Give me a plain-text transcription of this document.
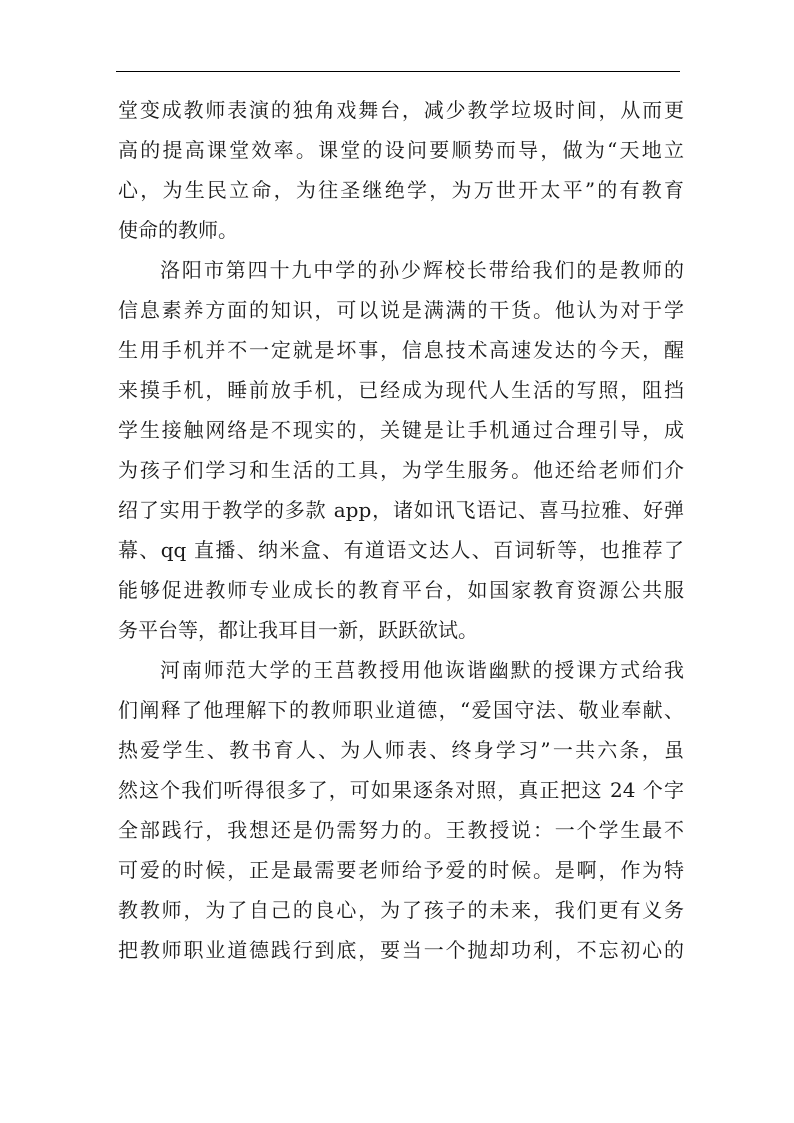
堂变成教师表演的独角戏舞台，减少教学垃圾时间，从而更
高的提高课堂效率。课堂的设问要顺势而导，做为“天地立
心，为生民立命，为往圣继绝学，为万世开太平”的有教育
使命的教师。
洛阳市第四十九中学的孙少辉校长带给我们的是教师的
信息素养方面的知识，可以说是满满的干货。他认为对于学
生用手机并不一定就是坏事，信息技术高速发达的今天，醒
来摸手机，睡前放手机，已经成为现代人生活的写照，阻挡
学生接触网络是不现实的，关键是让手机通过合理引导，成
为孩子们学习和生活的工具，为学生服务。他还给老师们介
绍了实用于教学的多款 app，诸如讯飞语记、喜马拉雅、好弹
幕、qq 直播、纳米盒、有道语文达人、百词斩等，也推荐了
能够促进教师专业成长的教育平台，如国家教育资源公共服
务平台等，都让我耳目一新，跃跃欲试。
河南师范大学的王莒教授用他诙谐幽默的授课方式给我
们阐释了他理解下的教师职业道德，“爱国守法、敬业奉献、
热爱学生、教书育人、为人师表、终身学习”一共六条，虽
然这个我们听得很多了，可如果逐条对照，真正把这 24 个字
全部践行，我想还是仍需努力的。王教授说：一个学生最不
可爱的时候，正是最需要老师给予爱的时候。是啊，作为特
教教师，为了自己的良心，为了孩子的未来，我们更有义务
把教师职业道德践行到底，要当一个抛却功利，不忘初心的
